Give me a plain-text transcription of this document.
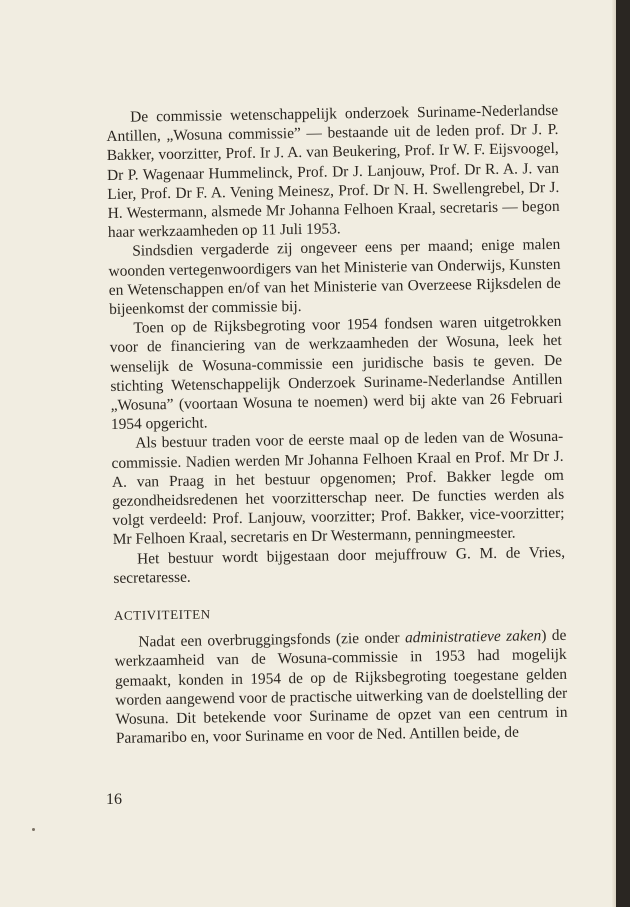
De commissie wetenschappelijk onderzoek Suriname-Nederlandse Antillen, „Wosuna commissie” — bestaande uit de leden prof. Dr J. P. Bakker, voorzitter, Prof. Ir J. A. van Beukering, Prof. Ir W. F. Eijsvoogel, Dr P. Wagenaar Hummelinck, Prof. Dr J. Lanjouw, Prof. Dr R. A. J. van Lier, Prof. Dr F. A. Vening Meinesz, Prof. Dr N. H. Swellengrebel, Dr J. H. Westermann, alsmede Mr Johanna Felhoen Kraal, secretaris — begon haar werkzaamheden op 11 Juli 1953.

Sindsdien vergaderde zij ongeveer eens per maand; enige malen woonden vertegenwoordigers van het Ministerie van Onderwijs, Kunsten en Wetenschappen en/of van het Ministerie van Overzeese Rijksdelen de bijeenkomst der commissie bij.

Toen op de Rijksbegroting voor 1954 fondsen waren uitgetrokken voor de financiering van de werkzaamheden der Wosuna, leek het wenselijk de Wosuna-commissie een juridische basis te geven. De stichting Wetenschappelijk Onderzoek Suriname-Nederlandse Antillen „Wosuna” (voortaan Wosuna te noemen) werd bij akte van 26 Februari 1954 opgericht.

Als bestuur traden voor de eerste maal op de leden van de Wosuna-commissie. Nadien werden Mr Johanna Felhoen Kraal en Prof. Mr Dr J. A. van Praag in het bestuur opgenomen; Prof. Bakker legde om gezondheidsredenen het voorzitterschap neer. De functies werden als volgt verdeeld: Prof. Lanjouw, voorzitter; Prof. Bakker, vice-voorzitter; Mr Felhoen Kraal, secretaris en Dr Westermann, penningmeester.

Het bestuur wordt bijgestaan door mejuffrouw G. M. de Vries, secretaresse.

ACTIVITEITEN

Nadat een overbruggingsfonds (zie onder administratieve zaken) de werkzaamheid van de Wosuna-commissie in 1953 had mogelijk gemaakt, konden in 1954 de op de Rijksbegroting toegestane gelden worden aangewend voor de practische uitwerking van de doelstelling der Wosuna. Dit betekende voor Suriname de opzet van een centrum in Paramaribo en, voor Suriname en voor de Ned. Antillen beide, de

16
